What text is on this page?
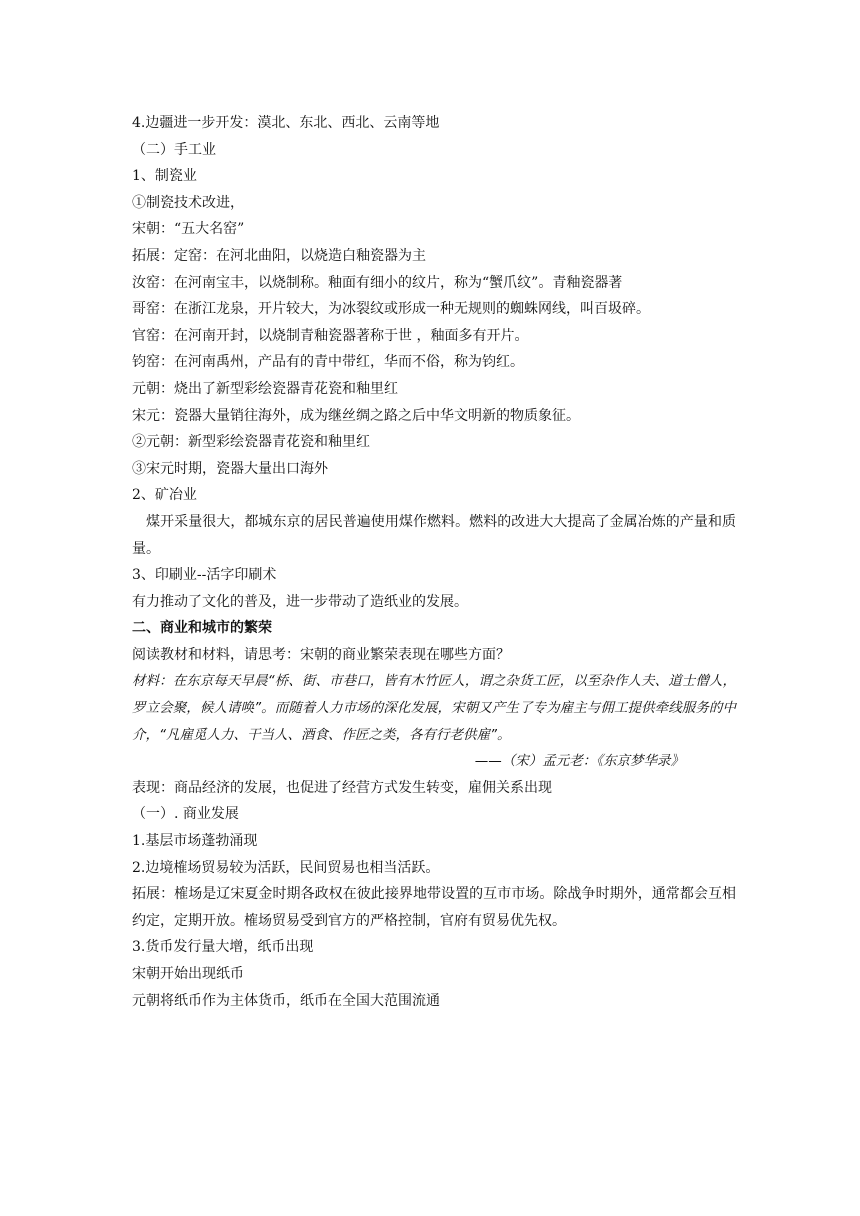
4.边疆进一步开发：漠北、东北、西北、云南等地
（二）手工业
1、制瓷业
①制瓷技术改进，
宋朝：“五大名窑”
拓展：定窑：在河北曲阳，以烧造白釉瓷器为主
汝窑：在河南宝丰，以烧制称。釉面有细小的纹片，称为“蟹爪纹”。青釉瓷器著
哥窑：在浙江龙泉，开片较大，为冰裂纹或形成一种无规则的蜘蛛网线，叫百圾碎。
官窑：在河南开封，以烧制青釉瓷器著称于世 ，釉面多有开片。
钧窑：在河南禹州，产品有的青中带红，华而不俗，称为钧红。
元朝：烧出了新型彩绘瓷器青花瓷和釉里红
宋元：瓷器大量销往海外，成为继丝绸之路之后中华文明新的物质象征。
②元朝：新型彩绘瓷器青花瓷和釉里红
③宋元时期，瓷器大量出口海外
2、矿冶业
　煤开采量很大，都城东京的居民普遍使用煤作燃料。燃料的改进大大提高了金属冶炼的产量和质量。
3、印刷业--活字印刷术
有力推动了文化的普及，进一步带动了造纸业的发展。
二、商业和城市的繁荣
阅读教材和材料，请思考：宋朝的商业繁荣表现在哪些方面？
材料：在东京每天早晨“桥、街、市巷口，皆有木竹匠人，谓之杂货工匠，以至杂作人夫、道士僧人，罗立会聚，候人请唤”。而随着人力市场的深化发展，宋朝又产生了专为雇主与佣工提供牵线服务的中介，“凡雇觅人力、干当人、酒食、作匠之类，各有行老供雇”。
——（宋）孟元老：《东京梦华录》
表现：商品经济的发展，也促进了经营方式发生转变，雇佣关系出现
（一）. 商业发展
1.基层市场蓬勃涌现
2.边境榷场贸易较为活跃，民间贸易也相当活跃。
拓展：榷场是辽宋夏金时期各政权在彼此接界地带设置的互市市场。除战争时期外，通常都会互相约定，定期开放。榷场贸易受到官方的严格控制，官府有贸易优先权。
3.货币发行量大增，纸币出现
宋朝开始出现纸币
元朝将纸币作为主体货币，纸币在全国大范围流通
